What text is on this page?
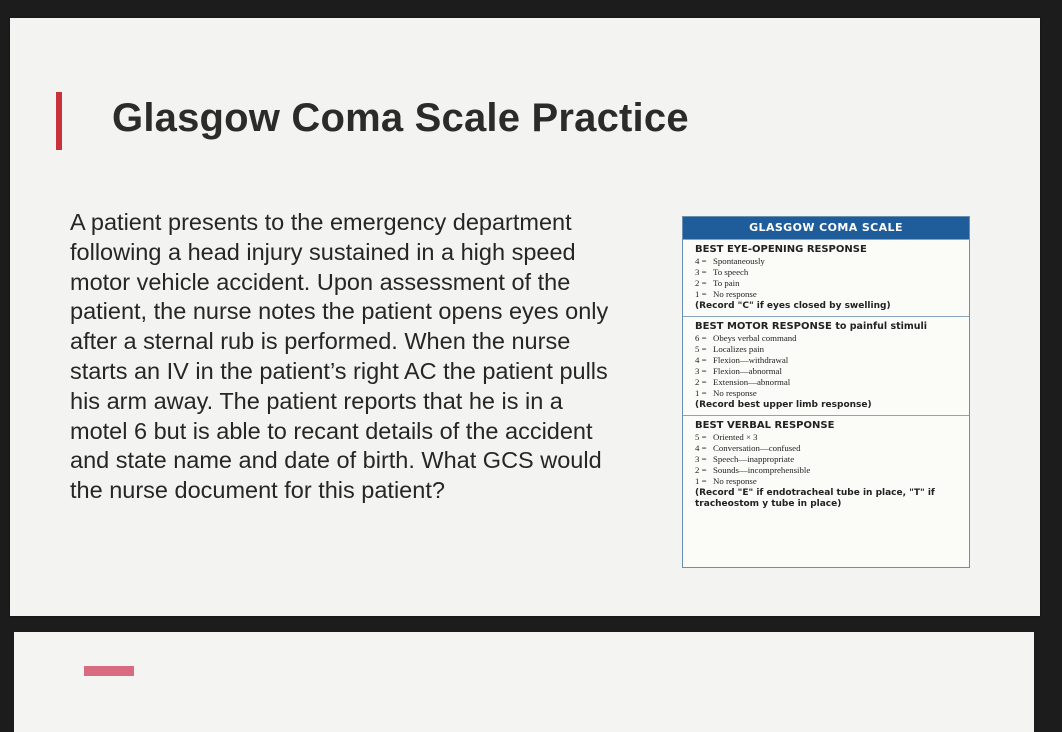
Glasgow Coma Scale Practice

A patient presents to the emergency department following a head injury sustained in a high speed motor vehicle accident. Upon assessment of the patient, the nurse notes the patient opens eyes only after a sternal rub is performed. When the nurse starts an IV in the patient’s right AC the patient pulls his arm away. The patient reports that he is in a motel 6 but is able to recant details of the accident and state name and date of birth. What GCS would the nurse document for this patient?

GLASGOW COMA SCALE
BEST EYE-OPENING RESPONSE
4 = Spontaneously
3 = To speech
2 = To pain
1 = No response
(Record "C" if eyes closed by swelling)
BEST MOTOR RESPONSE to painful stimuli
6 = Obeys verbal command
5 = Localizes pain
4 = Flexion—withdrawal
3 = Flexion—abnormal
2 = Extension—abnormal
1 = No response
(Record best upper limb response)
BEST VERBAL RESPONSE
5 = Oriented × 3
4 = Conversation—confused
3 = Speech—inappropriate
2 = Sounds—incomprehensible
1 = No response
(Record "E" if endotracheal tube in place, "T" if tracheostom y tube in place)
